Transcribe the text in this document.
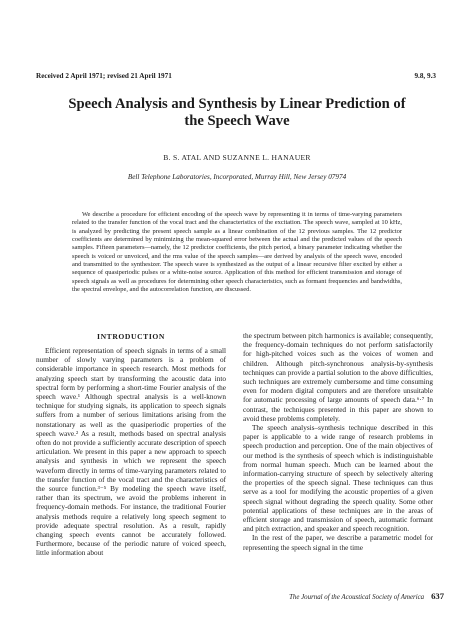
Received 2 April 1971; revised 21 April 1971	9.8, 9.3
Speech Analysis and Synthesis by Linear Prediction of the Speech Wave
B. S. ATAL AND SUZANNE L. HANAUER
Bell Telephone Laboratories, Incorporated, Murray Hill, New Jersey 07974

We describe a procedure for efficient encoding of the speech wave by representing it in terms of time-varying parameters related to the transfer function of the vocal tract and the characteristics of the excitation. The speech wave, sampled at 10 kHz, is analyzed by predicting the present speech sample as a linear combination of the 12 previous samples. The 12 predictor coefficients are determined by minimizing the mean-squared error between the actual and the predicted values of the speech samples. Fifteen parameters—namely, the 12 predictor coefficients, the pitch period, a binary parameter indicating whether the speech is voiced or unvoiced, and the rms value of the speech samples—are derived by analysis of the speech wave, encoded and transmitted to the synthesizer. The speech wave is synthesized as the output of a linear recursive filter excited by either a sequence of quasiperiodic pulses or a white-noise source. Application of this method for efficient transmission and storage of speech signals as well as procedures for determining other speech characteristics, such as formant frequencies and bandwidths, the spectral envelope, and the autocorrelation function, are discussed.

INTRODUCTION

Efficient representation of speech signals in terms of a small number of slowly varying parameters is a problem of considerable importance in speech research. Most methods for analyzing speech start by transforming the acoustic data into spectral form by performing a short-time Fourier analysis of the speech wave.¹ Although spectral analysis is a well-known technique for studying signals, its application to speech signals suffers from a number of serious limitations arising from the nonstationary as well as the quasiperiodic properties of the speech wave.² As a result, methods based on spectral analysis often do not provide a sufficiently accurate description of speech articulation. We present in this paper a new approach to speech analysis and synthesis in which we represent the speech waveform directly in terms of time-varying parameters related to the transfer function of the vocal tract and the characteristics of the source function.³⁻⁵ By modeling the speech wave itself, rather than its spectrum, we avoid the problems inherent in frequency-domain methods. For instance, the traditional Fourier analysis methods require a relatively long speech segment to provide adequate spectral resolution. As a result, rapidly changing speech events cannot be accurately followed. Furthermore, because of the periodic nature of voiced speech, little information about

the spectrum between pitch harmonics is available; consequently, the frequency-domain techniques do not perform satisfactorily for high-pitched voices such as the voices of women and children. Although pitch-synchronous analysis-by-synthesis techniques can provide a partial solution to the above difficulties, such techniques are extremely cumbersome and time consuming even for modern digital computers and are therefore unsuitable for automatic processing of large amounts of speech data.⁶·⁷ In contrast, the techniques presented in this paper are shown to avoid these problems completely.

The speech analysis–synthesis technique described in this paper is applicable to a wide range of research problems in speech production and perception. One of the main objectives of our method is the synthesis of speech which is indistinguishable from normal human speech. Much can be learned about the information-carrying structure of speech by selectively altering the properties of the speech signal. These techniques can thus serve as a tool for modifying the acoustic properties of a given speech signal without degrading the speech quality. Some other potential applications of these techniques are in the areas of efficient storage and transmission of speech, automatic formant and pitch extraction, and speaker and speech recognition.

In the rest of the paper, we describe a parametric model for representing the speech signal in the time

The Journal of the Acoustical Society of America 637
